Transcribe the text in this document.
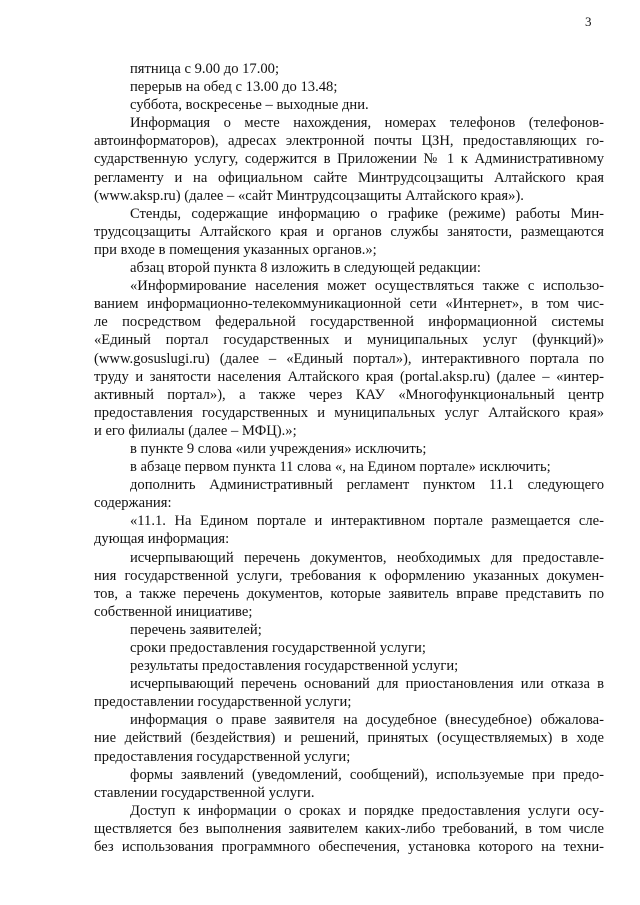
3
пятница с 9.00 до 17.00;
перерыв на обед с 13.00 до 13.48;
суббота, воскресенье – выходные дни.
Информация о месте нахождения, номерах телефонов (телефонов-
автоинформаторов), адресах электронной почты ЦЗН, предоставляющих го-
сударственную услугу, содержится в Приложении № 1 к Административному
регламенту и на официальном сайте Минтрудсоцзащиты Алтайского края
(www.aksp.ru) (далее – «сайт Минтрудсоцзащиты Алтайского края»).
Стенды, содержащие информацию о графике (режиме) работы Мин-
трудсоцзащиты Алтайского края и органов службы занятости, размещаются
при входе в помещения указанных органов.»;
абзац второй пункта 8 изложить в следующей редакции:
«Информирование населения может осуществляться также с использо-
ванием информационно-телекоммуникационной сети «Интернет», в том чис-
ле посредством федеральной государственной информационной системы
«Единый портал государственных и муниципальных услуг (функций)»
(www.gosuslugi.ru) (далее – «Единый портал»), интерактивного портала по
труду и занятости населения Алтайского края (portal.aksp.ru) (далее – «интер-
активный портал»), а также через КАУ «Многофункциональный центр
предоставления государственных и муниципальных услуг Алтайского края»
и его филиалы (далее – МФЦ).»;
в пункте 9 слова «или учреждения» исключить;
в абзаце первом пункта 11 слова «, на Едином портале» исключить;
дополнить Административный регламент пунктом 11.1 следующего
содержания:
«11.1. На Едином портале и интерактивном портале размещается сле-
дующая информация:
исчерпывающий перечень документов, необходимых для предоставле-
ния государственной услуги, требования к оформлению указанных докумен-
тов, а также перечень документов, которые заявитель вправе представить по
собственной инициативе;
перечень заявителей;
сроки предоставления государственной услуги;
результаты предоставления государственной услуги;
исчерпывающий перечень оснований для приостановления или отказа в
предоставлении государственной услуги;
информация о праве заявителя на досудебное (внесудебное) обжалова-
ние действий (бездействия) и решений, принятых (осуществляемых) в ходе
предоставления государственной услуги;
формы заявлений (уведомлений, сообщений), используемые при предо-
ставлении государственной услуги.
Доступ к информации о сроках и порядке предоставления услуги осу-
ществляется без выполнения заявителем каких-либо требований, в том числе
без использования программного обеспечения, установка которого на техни-
